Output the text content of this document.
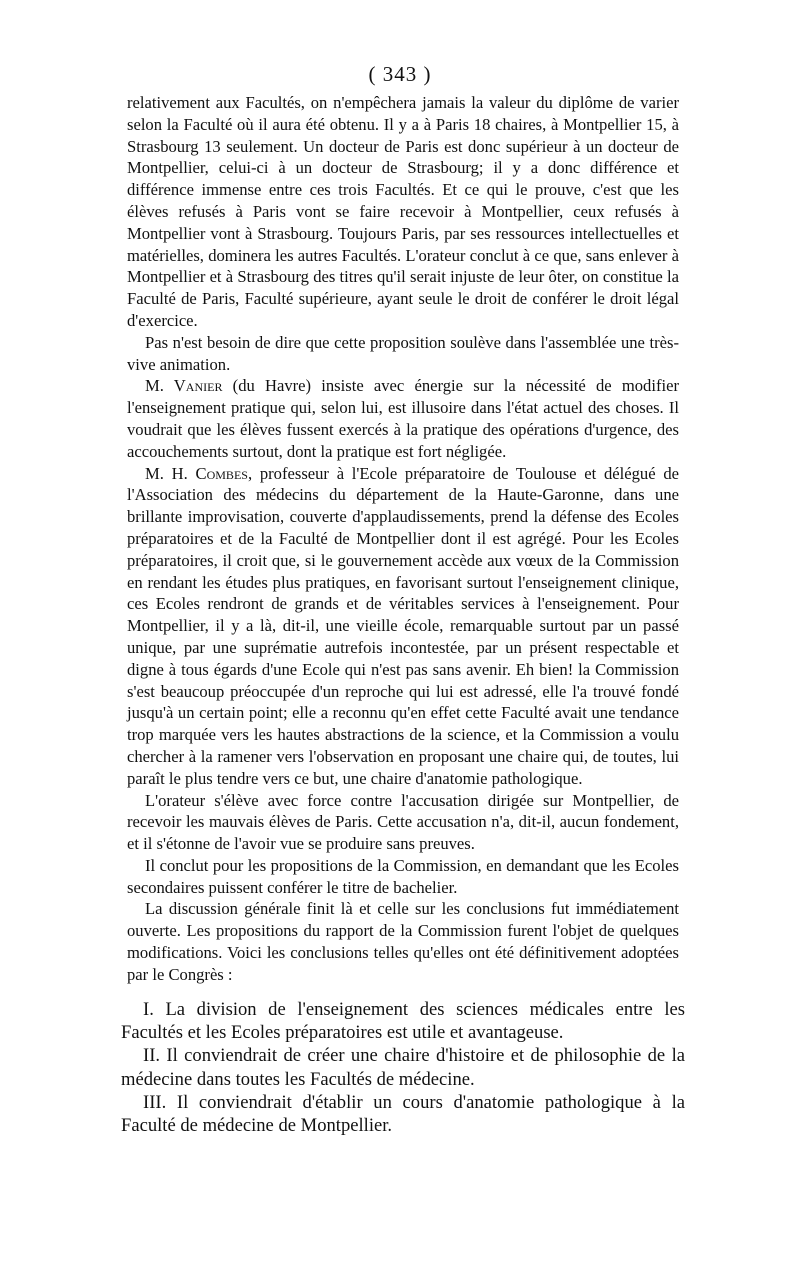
( 343 )

relativement aux Facultés, on n'empêchera jamais la valeur du diplôme de varier selon la Faculté où il aura été obtenu. Il y a à Paris 18 chaires, à Montpellier 15, à Strasbourg 13 seulement. Un docteur de Paris est donc supérieur à un docteur de Montpellier, celui-ci à un docteur de Strasbourg; il y a donc différence et différence immense entre ces trois Facultés. Et ce qui le prouve, c'est que les élèves refusés à Paris vont se faire recevoir à Montpellier, ceux refusés à Montpellier vont à Strasbourg. Toujours Paris, par ses ressources intellectuelles et matérielles, dominera les autres Facultés. L'orateur conclut à ce que, sans enlever à Montpellier et à Strasbourg des titres qu'il serait injuste de leur ôter, on constitue la Faculté de Paris, Faculté supérieure, ayant seule le droit de conférer le droit légal d'exercice.

Pas n'est besoin de dire que cette proposition soulève dans l'assemblée une très-vive animation.

M. Vanier (du Havre) insiste avec énergie sur la nécessité de modifier l'enseignement pratique qui, selon lui, est illusoire dans l'état actuel des choses. Il voudrait que les élèves fussent exercés à la pratique des opérations d'urgence, des accouchements surtout, dont la pratique est fort négligée.

M. H. Combes, professeur à l'Ecole préparatoire de Toulouse et délégué de l'Association des médecins du département de la Haute-Garonne, dans une brillante improvisation, couverte d'applaudissements, prend la défense des Ecoles préparatoires et de la Faculté de Montpellier dont il est agrégé. Pour les Ecoles préparatoires, il croit que, si le gouvernement accède aux vœux de la Commission en rendant les études plus pratiques, en favorisant surtout l'enseignement clinique, ces Ecoles rendront de grands et de véritables services à l'enseignement. Pour Montpellier, il y a là, dit-il, une vieille école, remarquable surtout par un passé unique, par une suprématie autrefois incontestée, par un présent respectable et digne à tous égards d'une Ecole qui n'est pas sans avenir. Eh bien! la Commission s'est beaucoup préoccupée d'un reproche qui lui est adressé, elle l'a trouvé fondé jusqu'à un certain point; elle a reconnu qu'en effet cette Faculté avait une tendance trop marquée vers les hautes abstractions de la science, et la Commission a voulu chercher à la ramener vers l'observation en proposant une chaire qui, de toutes, lui paraît le plus tendre vers ce but, une chaire d'anatomie pathologique.

L'orateur s'élève avec force contre l'accusation dirigée sur Montpellier, de recevoir les mauvais élèves de Paris. Cette accusation n'a, dit-il, aucun fondement, et il s'étonne de l'avoir vue se produire sans preuves.

Il conclut pour les propositions de la Commission, en demandant que les Ecoles secondaires puissent conférer le titre de bachelier.

La discussion générale finit là et celle sur les conclusions fut immédiatement ouverte. Les propositions du rapport de la Commission furent l'objet de quelques modifications. Voici les conclusions telles qu'elles ont été définitivement adoptées par le Congrès :

I. La division de l'enseignement des sciences médicales entre les Facultés et les Ecoles préparatoires est utile et avantageuse.

II. Il conviendrait de créer une chaire d'histoire et de philosophie de la médecine dans toutes les Facultés de médecine.

III. Il conviendrait d'établir un cours d'anatomie pathologique à la Faculté de médecine de Montpellier.
